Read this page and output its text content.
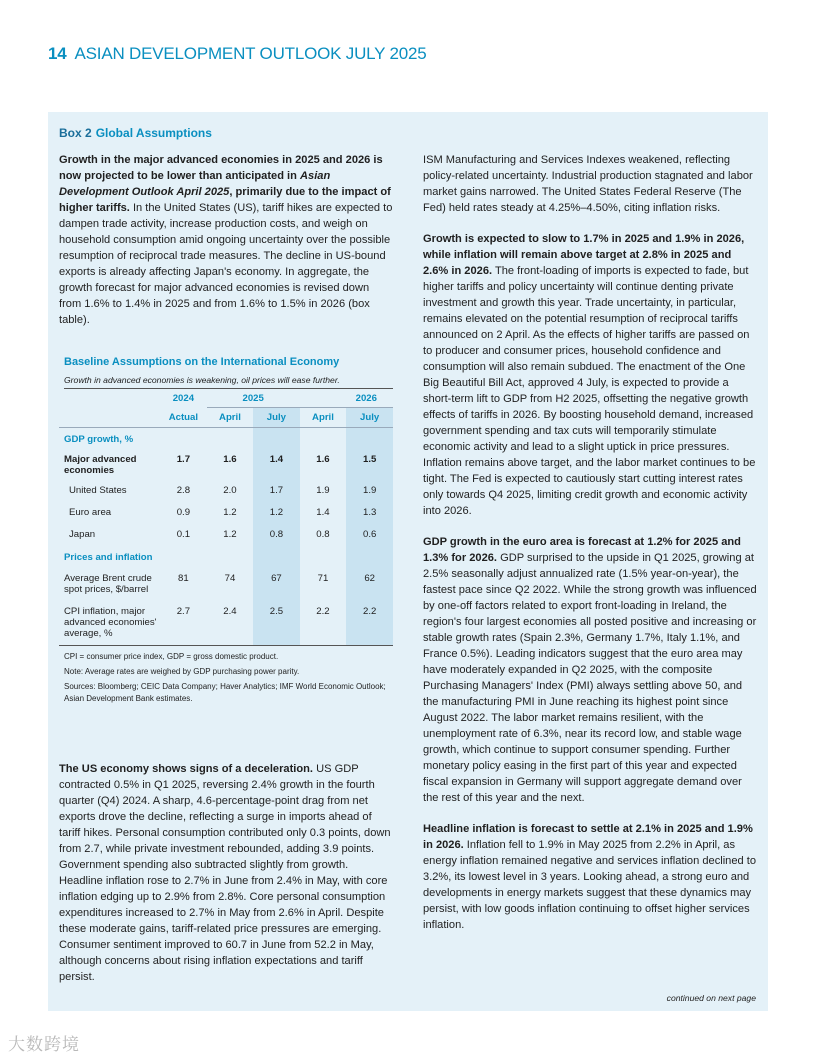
14 ASIAN DEVELOPMENT OUTLOOK JULY 2025
Box 2 Global Assumptions

Growth in the major advanced economies in 2025 and 2026 is now projected to be lower than anticipated in Asian Development Outlook April 2025, primarily due to the impact of higher tariffs. In the United States (US), tariff hikes are expected to dampen trade activity, increase production costs, and weigh on household consumption amid ongoing uncertainty over the possible resumption of reciprocal trade measures. The decline in US-bound exports is already affecting Japan's economy. In aggregate, the growth forecast for major advanced economies is revised down from 1.6% to 1.4% in 2025 and from 1.6% to 1.5% in 2026 (box table).

Baseline Assumptions on the International Economy
Growth in advanced economies is weakening, oil prices will ease further.
	2024	2025		2026	
	Actual	April	July	April	July
GDP growth, %					
Major advanced economies	1.7	1.6	1.4	1.6	1.5
United States	2.8	2.0	1.7	1.9	1.9
Euro area	0.9	1.2	1.2	1.4	1.3
Japan	0.1	1.2	0.8	0.8	0.6
Prices and inflation					
Average Brent crude spot prices, $/barrel	81	74	67	71	62
CPI inflation, major advanced economies' average, %	2.7	2.4	2.5	2.2	2.2
CPI = consumer price index, GDP = gross domestic product.
Note: Average rates are weighed by GDP purchasing power parity.
Sources: Bloomberg; CEIC Data Company; Haver Analytics; IMF World Economic Outlook; Asian Development Bank estimates.

The US economy shows signs of a deceleration. US GDP contracted 0.5% in Q1 2025, reversing 2.4% growth in the fourth quarter (Q4) 2024. A sharp, 4.6-percentage-point drag from net exports drove the decline, reflecting a surge in imports ahead of tariff hikes. Personal consumption contributed only 0.3 points, down from 2.7, while private investment rebounded, adding 3.9 points. Government spending also subtracted slightly from growth. Headline inflation rose to 2.7% in June from 2.4% in May, with core inflation edging up to 2.9% from 2.8%. Core personal consumption expenditures increased to 2.7% in May from 2.6% in April. Despite these moderate gains, tariff-related price pressures are emerging. Consumer sentiment improved to 60.7 in June from 52.2 in May, although concerns about rising inflation expectations and tariff persist.

ISM Manufacturing and Services Indexes weakened, reflecting policy-related uncertainty. Industrial production stagnated and labor market gains narrowed. The United States Federal Reserve (The Fed) held rates steady at 4.25%–4.50%, citing inflation risks.

Growth is expected to slow to 1.7% in 2025 and 1.9% in 2026, while inflation will remain above target at 2.8% in 2025 and 2.6% in 2026. The front-loading of imports is expected to fade, but higher tariffs and policy uncertainty will continue denting private investment and growth this year. Trade uncertainty, in particular, remains elevated on the potential resumption of reciprocal tariffs announced on 2 April. As the effects of higher tariffs are passed on to producer and consumer prices, household confidence and consumption will also remain subdued. The enactment of the One Big Beautiful Bill Act, approved 4 July, is expected to provide a short-term lift to GDP from H2 2025, offsetting the negative growth effects of tariffs in 2026. By boosting household demand, increased government spending and tax cuts will temporarily stimulate economic activity and lead to a slight uptick in price pressures. Inflation remains above target, and the labor market continues to be tight. The Fed is expected to cautiously start cutting interest rates only towards Q4 2025, limiting credit growth and economic activity into 2026.

GDP growth in the euro area is forecast at 1.2% for 2025 and 1.3% for 2026. GDP surprised to the upside in Q1 2025, growing at 2.5% seasonally adjust annualized rate (1.5% year-on-year), the fastest pace since Q2 2022. While the strong growth was influenced by one-off factors related to export front-loading in Ireland, the region's four largest economies all posted positive and increasing or stable growth rates (Spain 2.3%, Germany 1.7%, Italy 1.1%, and France 0.5%). Leading indicators suggest that the euro area may have moderately expanded in Q2 2025, with the composite Purchasing Managers' Index (PMI) always settling above 50, and the manufacturing PMI in June reaching its highest point since August 2022. The labor market remains resilient, with the unemployment rate of 6.3%, near its record low, and stable wage growth, which continue to support consumer spending. Further monetary policy easing in the first part of this year and expected fiscal expansion in Germany will support aggregate demand over the rest of this year and the next.

Headline inflation is forecast to settle at 2.1% in 2025 and 1.9% in 2026. Inflation fell to 1.9% in May 2025 from 2.2% in April, as energy inflation remained negative and services inflation declined to 3.2%, its lowest level in 3 years. Looking ahead, a strong euro and developments in energy markets suggest that these dynamics may persist, with low goods inflation continuing to offset higher services inflation.

continued on next page
大数跨境
